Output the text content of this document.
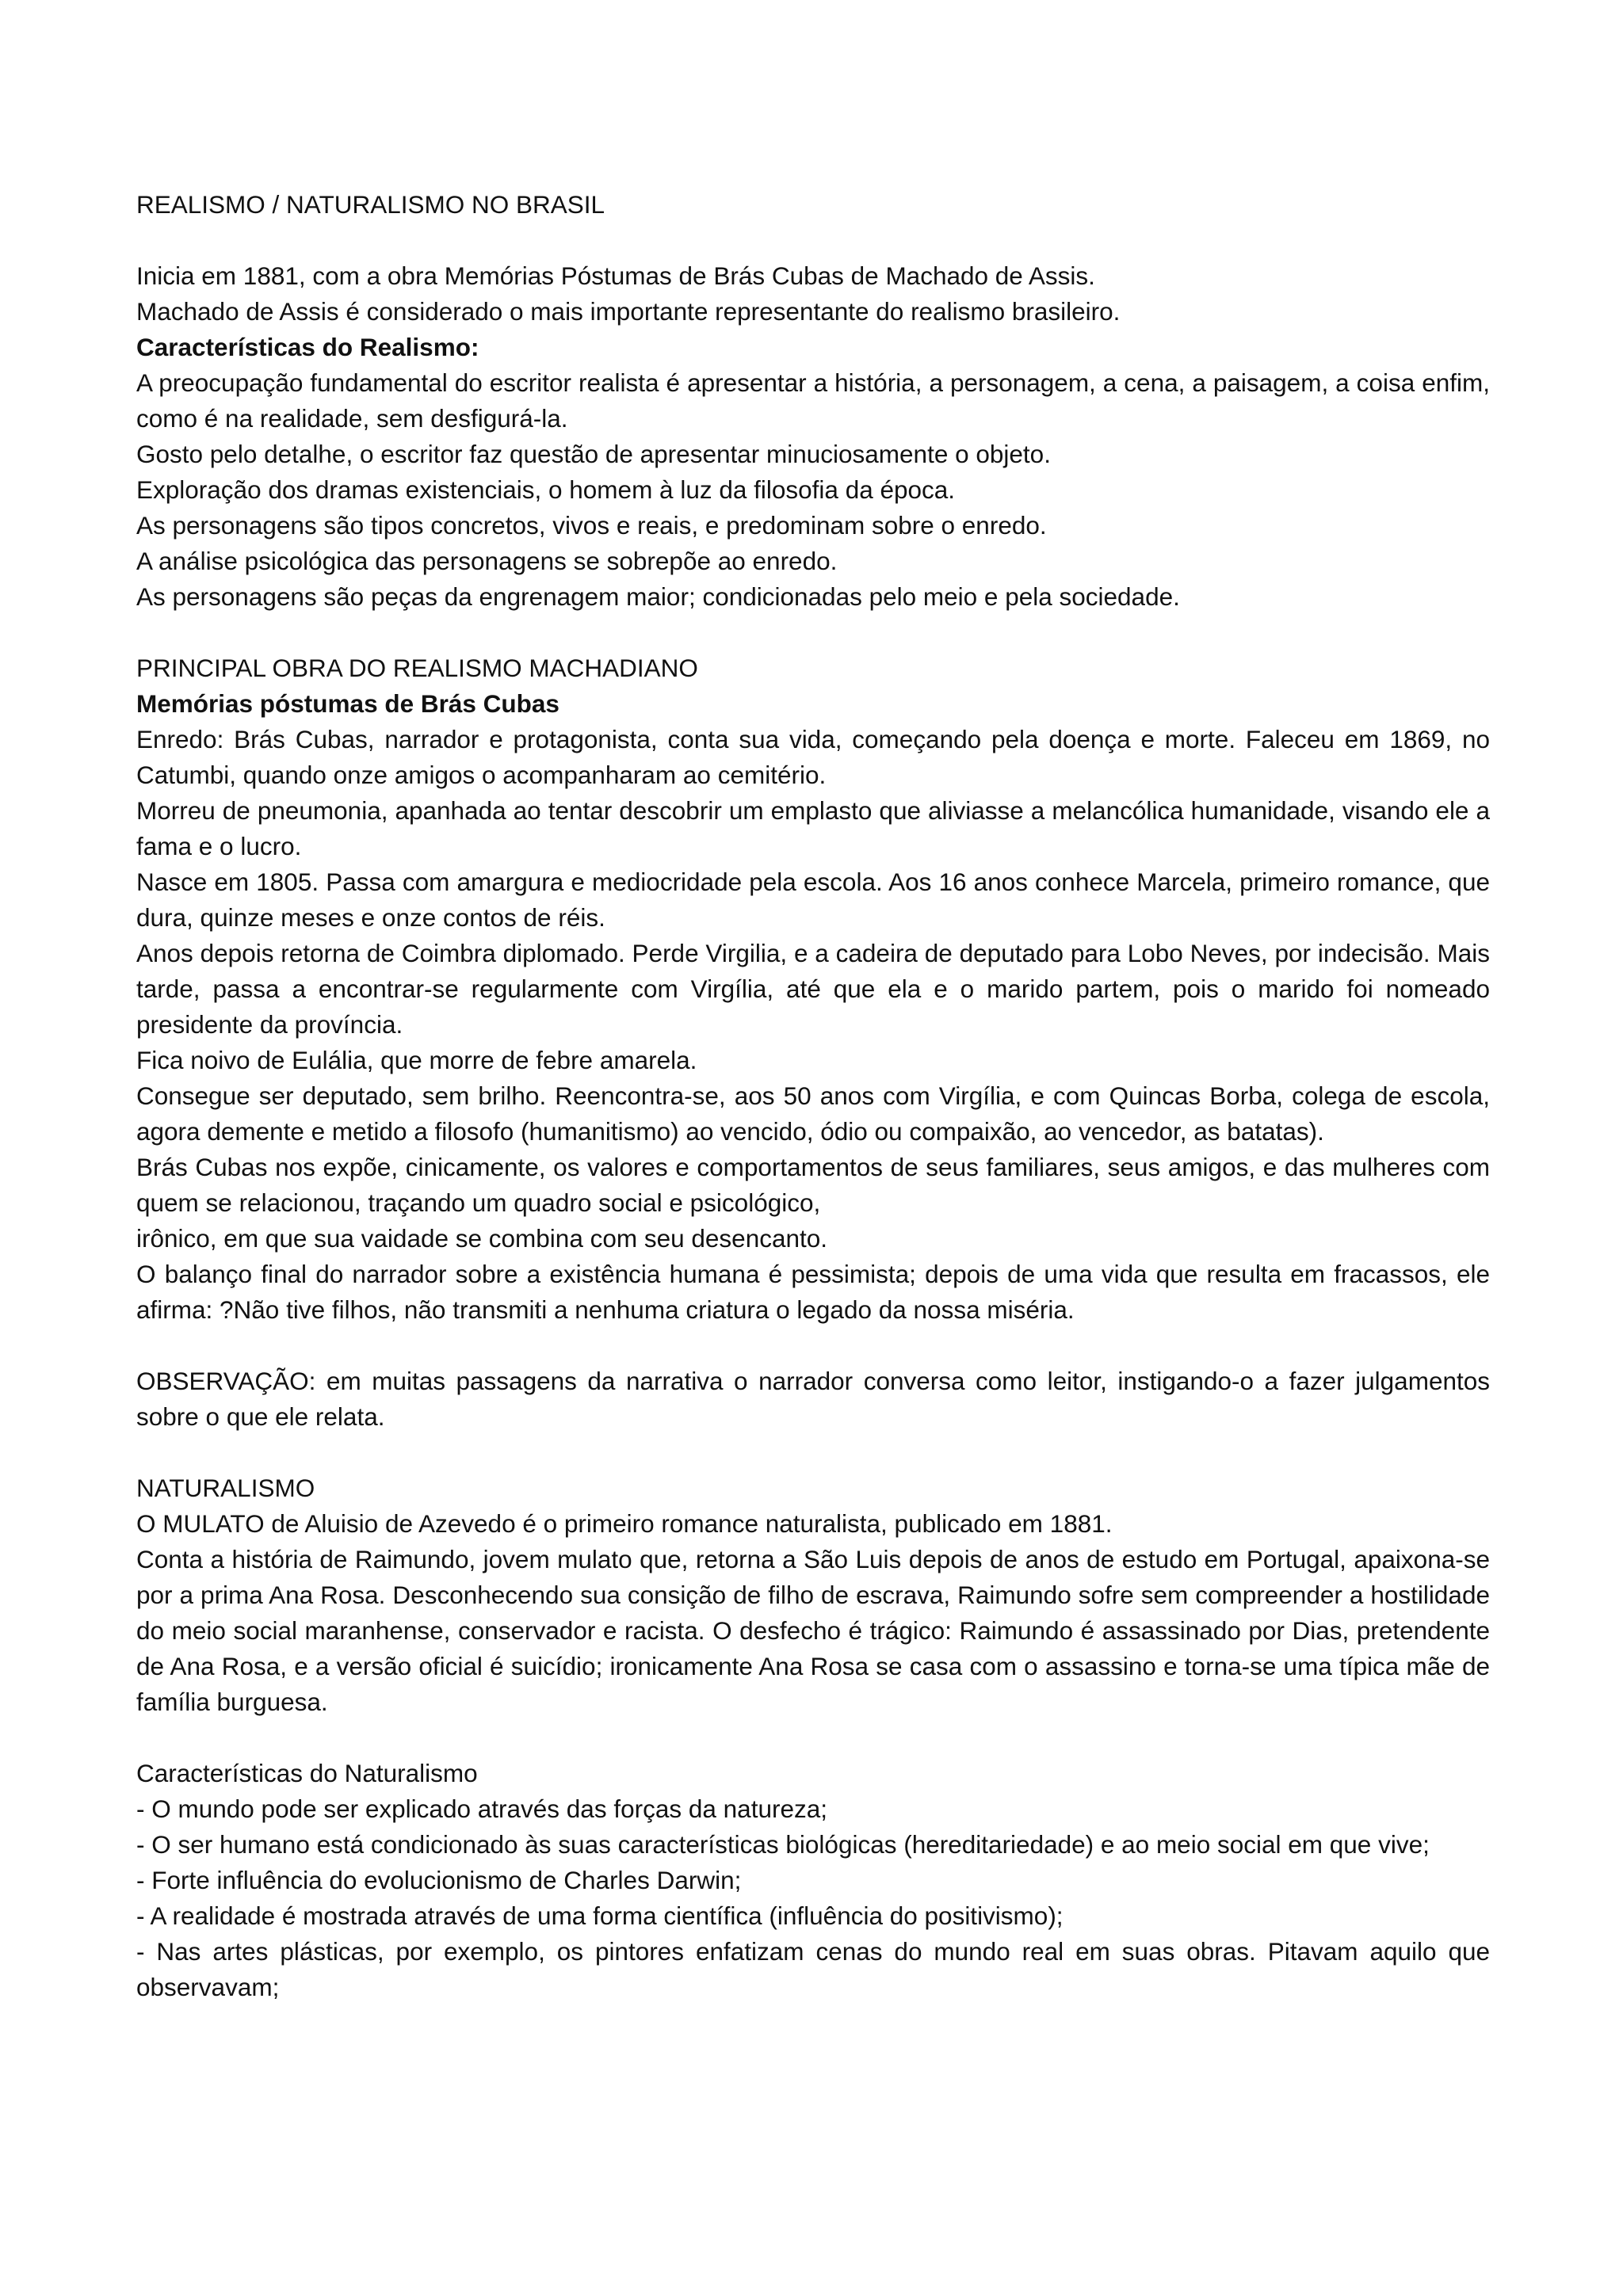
REALISMO / NATURALISMO NO BRASIL

Inicia em 1881, com a obra Memórias Póstumas de Brás Cubas de Machado de Assis.

Machado de Assis é considerado o mais importante representante do realismo brasileiro.

Características do Realismo:

A preocupação fundamental do escritor realista é apresentar a história, a personagem, a cena, a paisagem, a coisa enfim, como é na realidade, sem desfigurá-la.

Gosto pelo detalhe, o escritor faz questão de apresentar minuciosamente o objeto.

Exploração dos dramas existenciais, o homem à luz da filosofia da época.

As personagens são tipos concretos, vivos e reais, e predominam sobre o enredo.

A análise psicológica das personagens se sobrepõe ao enredo.

As personagens são peças da engrenagem maior; condicionadas pelo meio e pela sociedade.

PRINCIPAL OBRA DO REALISMO MACHADIANO

Memórias póstumas de Brás Cubas

Enredo: Brás Cubas, narrador e protagonista, conta sua vida, começando pela doença e morte. Faleceu em 1869, no Catumbi, quando onze amigos o acompanharam ao cemitério.

Morreu de pneumonia, apanhada ao tentar descobrir um emplasto que aliviasse a melancólica humanidade, visando ele a fama e o lucro.

Nasce em 1805. Passa com amargura e mediocridade pela escola. Aos 16 anos conhece Marcela, primeiro romance, que dura, quinze meses e onze contos de réis.

Anos depois retorna de Coimbra diplomado. Perde Virgilia, e a cadeira de deputado para Lobo Neves, por indecisão. Mais tarde, passa a encontrar-se regularmente com Virgília, até que ela e o marido partem, pois o marido foi nomeado presidente da província.

Fica noivo de Eulália, que morre de febre amarela.

Consegue ser deputado, sem brilho. Reencontra-se, aos 50 anos com Virgília, e com Quincas Borba, colega de escola, agora demente e metido a filosofo (humanitismo) ao vencido, ódio ou compaixão, ao vencedor, as batatas).

Brás Cubas nos expõe, cinicamente, os valores e comportamentos de seus familiares, seus amigos, e das mulheres com quem se relacionou, traçando um quadro social e psicológico,

irônico, em que sua vaidade se combina com seu desencanto.

O balanço final do narrador sobre a existência humana é pessimista; depois de uma vida que resulta em fracassos, ele afirma: ?Não tive filhos, não transmiti a nenhuma criatura o legado da nossa miséria.

OBSERVAÇÃO: em muitas passagens da narrativa o narrador conversa como leitor, instigando-o a fazer julgamentos sobre o que ele relata.

NATURALISMO

O MULATO de Aluisio de Azevedo é o primeiro romance naturalista, publicado em 1881.

Conta a história de Raimundo, jovem mulato que, retorna a São Luis depois de anos de estudo em Portugal, apaixona-se por a prima Ana Rosa. Desconhecendo sua consição de filho de escrava, Raimundo sofre sem compreender a hostilidade do meio social maranhense, conservador e racista. O desfecho é trágico: Raimundo é assassinado por Dias, pretendente de Ana Rosa, e a versão oficial é suicídio; ironicamente Ana Rosa se casa com o assassino e torna-se uma típica mãe de família burguesa.

Características do Naturalismo

- O mundo pode ser explicado através das forças da natureza;

- O ser humano está condicionado às suas características biológicas (hereditariedade) e ao meio social em que vive;

- Forte influência do evolucionismo de Charles Darwin;

- A realidade é mostrada através de uma forma científica (influência do positivismo);

- Nas artes plásticas, por exemplo, os pintores enfatizam cenas do mundo real em suas obras. Pitavam aquilo que observavam;
